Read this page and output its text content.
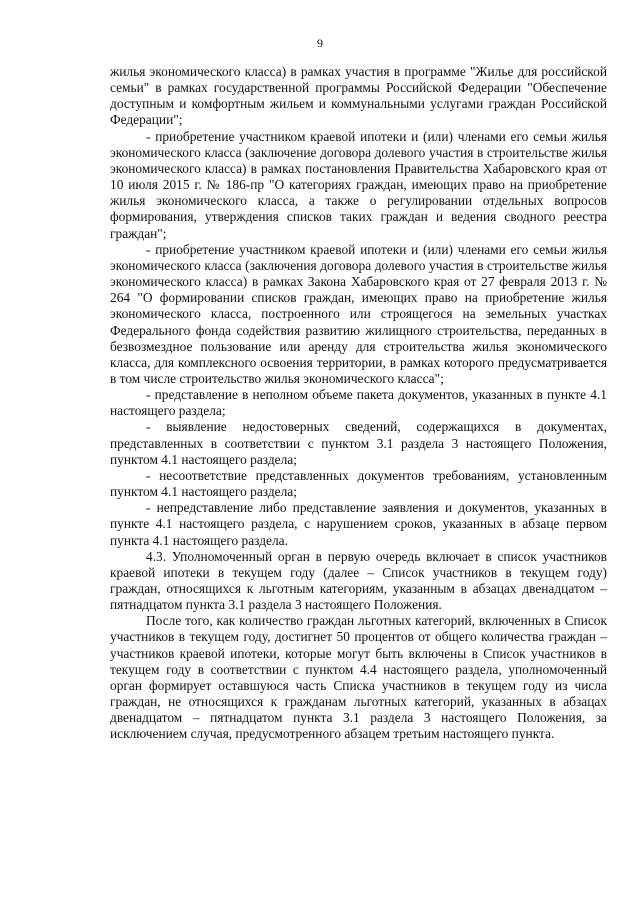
9

жилья экономического класса) в рамках участия в программе "Жилье для российской семьи" в рамках государственной программы Российской Федерации "Обеспечение доступным и комфортным жильем и коммунальными услугами граждан Российской Федерации";

- приобретение участником краевой ипотеки и (или) членами его семьи жилья экономического класса (заключение договора долевого участия в строительстве жилья экономического класса) в рамках постановления Правительства Хабаровского края от 10 июля 2015 г. № 186-пр "О категориях граждан, имеющих право на приобретение жилья экономического класса, а также о регулировании отдельных вопросов формирования, утверждения списков таких граждан и ведения сводного реестра граждан";

- приобретение участником краевой ипотеки и (или) членами его семьи жилья экономического класса (заключения договора долевого участия в строительстве жилья экономического класса) в рамках Закона Хабаровского края от 27 февраля 2013 г. № 264 "О формировании списков граждан, имеющих право на приобретение жилья экономического класса, построенного или строящегося на земельных участках Федерального фонда содействия развитию жилищного строительства, переданных в безвозмездное пользование или аренду для строительства жилья экономического класса, для комплексного освоения территории, в рамках которого предусматривается в том числе строительство жилья экономического класса";

- представление в неполном объеме пакета документов, указанных в пункте 4.1 настоящего раздела;

- выявление недостоверных сведений, содержащихся в документах, представленных в соответствии с пунктом 3.1 раздела 3 настоящего Положения, пунктом 4.1 настоящего раздела;

- несоответствие представленных документов требованиям, установленным пунктом 4.1 настоящего раздела;

- непредставление либо представление заявления и документов, указанных в пункте 4.1 настоящего раздела, с нарушением сроков, указанных в абзаце первом пункта 4.1 настоящего раздела.

4.3. Уполномоченный орган в первую очередь включает в список участников краевой ипотеки в текущем году (далее – Список участников в текущем году) граждан, относящихся к льготным категориям, указанным в абзацах двенадцатом – пятнадцатом пункта 3.1 раздела 3 настоящего Положения.

После того, как количество граждан льготных категорий, включенных в Список участников в текущем году, достигнет 50 процентов от общего количества граждан – участников краевой ипотеки, которые могут быть включены в Список участников в текущем году в соответствии с пунктом 4.4 настоящего раздела, уполномоченный орган формирует оставшуюся часть Списка участников в текущем году из числа граждан, не относящихся к гражданам льготных категорий, указанных в абзацах двенадцатом – пятнадцатом пункта 3.1 раздела 3 настоящего Положения, за исключением случая, предусмотренного абзацем третьим настоящего пункта.
